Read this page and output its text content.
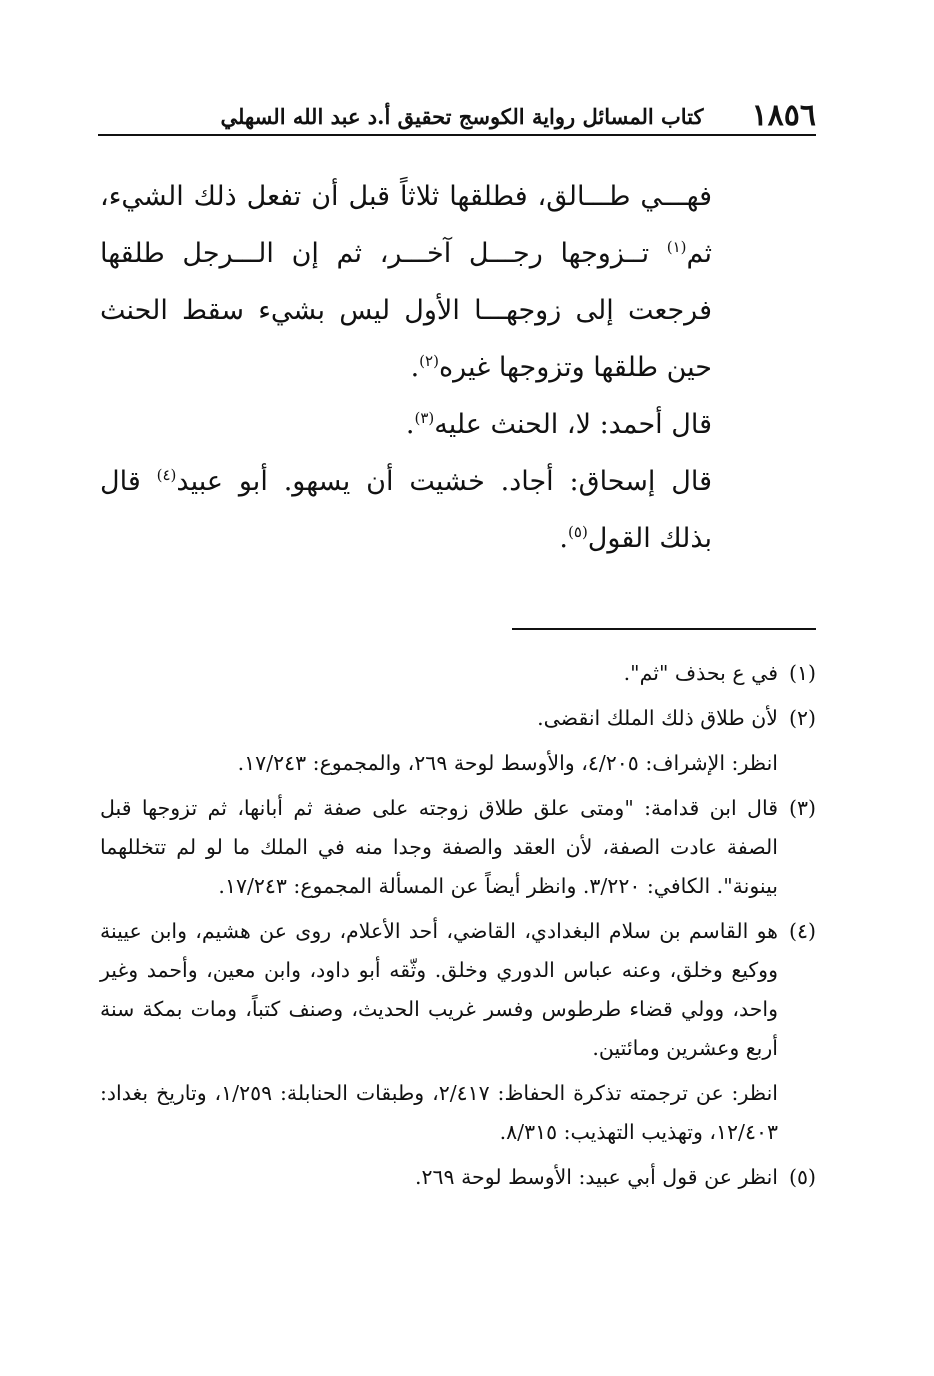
١٨٥٦
كتاب المسائل رواية الكوسج تحقيق أ.د عبد الله السهلي

فهـــي طـــالق، فطلقها ثلاثاً قبل أن تفعل ذلك الشيء، ثم$^{(١)}$ تــزوجها رجـــل آخـــر، ثم إن الـــرجل طلقها فرجعت إلى زوجهـــا الأول ليس بشيء سقط الحنث حين طلقها وتزوجها غيره$^{(٢)}$.

قال أحمد: لا، الحنث عليه$^{(٣)}$.

قال إسحاق: أجاد. خشيت أن يسهو. أبو عبيد$^{(٤)}$ قال بذلك القول$^{(٥)}$.

(١)
في ع بحذف "ثم".
(٢)
لأن طلاق ذلك الملك انقضى.

انظر: الإشراف: ٤/٢٠٥، والأوسط لوحة ٢٦٩، والمجموع: ١٧/٢٤٣.

(٣)
قال ابن قدامة: "ومتى علق طلاق زوجته على صفة ثم أبانها، ثم تزوجها قبل الصفة عادت الصفة، لأن العقد والصفة وجدا منه في الملك ما لو لم تتخللهما بينونة". الكافي: ٣/٢٢٠. وانظر أيضاً عن المسألة المجموع: ١٧/٢٤٣.
(٤)
هو القاسم بن سلام البغدادي، القاضي، أحد الأعلام، روى عن هشيم، وابن عيينة ووكيع وخلق، وعنه عباس الدوري وخلق. وثّقه أبو داود، وابن معين، وأحمد وغير واحد، وولي قضاء طرطوس وفسر غريب الحديث، وصنف كتباً، ومات بمكة سنة أربع وعشرين ومائتين.

انظر: عن ترجمته تذكرة الحفاظ: ٢/٤١٧، وطبقات الحنابلة: ١/٢٥٩، وتاريخ بغداد: ١٢/٤٠٣، وتهذيب التهذيب: ٨/٣١٥.

(٥)
انظر عن قول أبي عبيد: الأوسط لوحة ٢٦٩.
